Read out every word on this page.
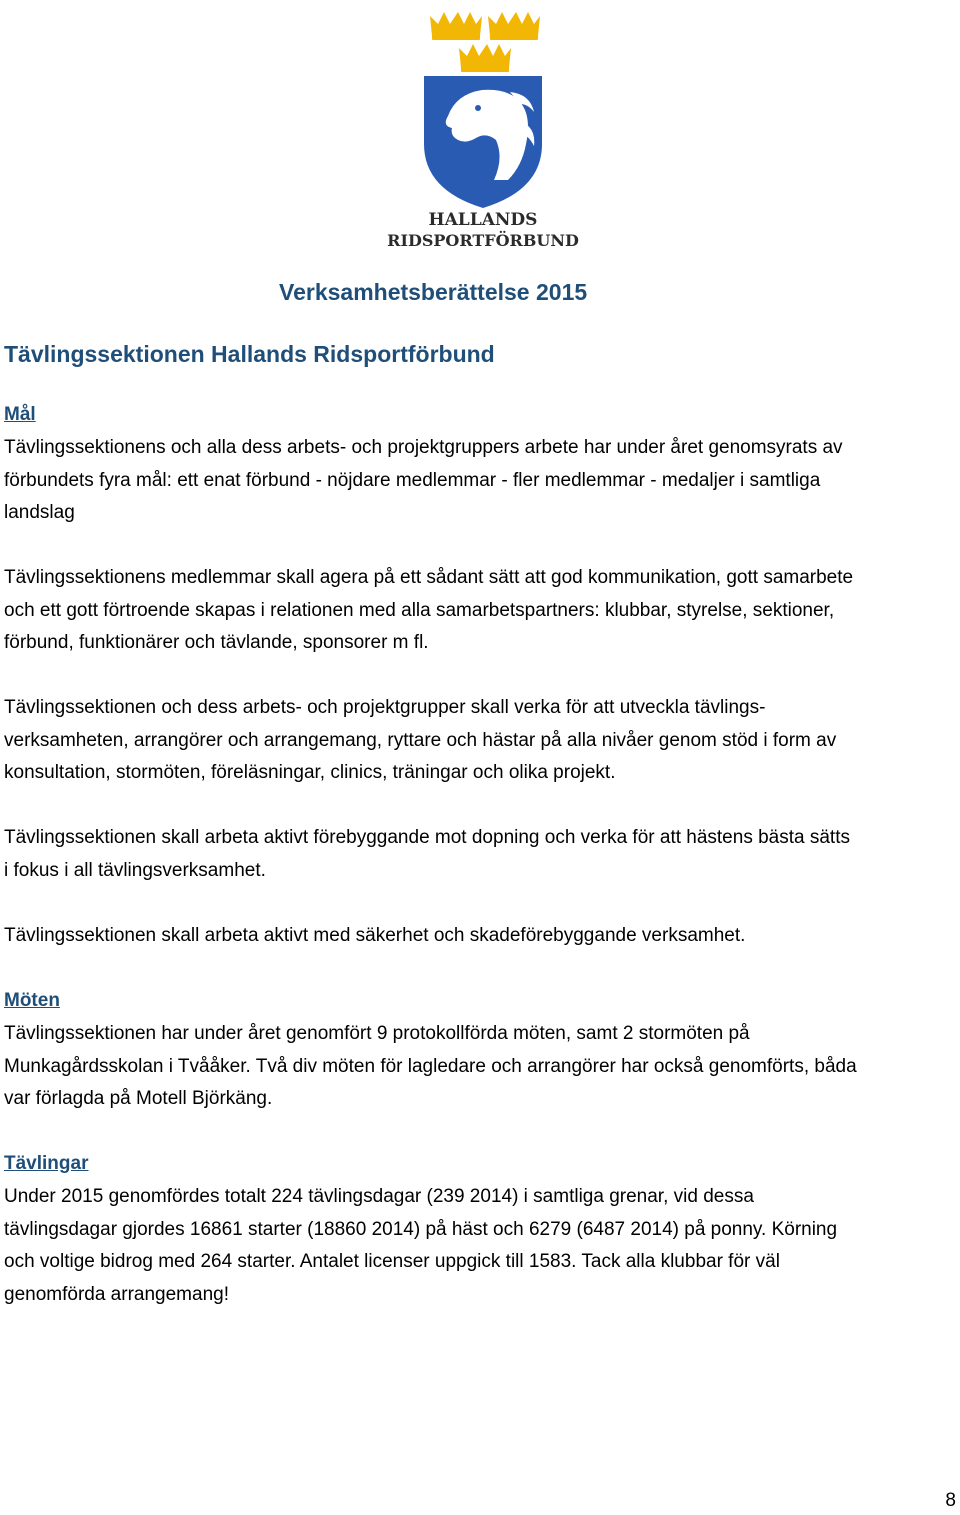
HALLANDS
RIDSPORTFÖRBUND
Verksamhetsberättelse 2015
Tävlingssektionen Hallands Ridsportförbund
Mål
Tävlingssektionens och alla dess arbets- och projektgruppers arbete har under året genomsyrats av
förbundets fyra mål: ett enat förbund - nöjdare medlemmar - fler medlemmar - medaljer i samtliga
landslag
Tävlingssektionens medlemmar skall agera på ett sådant sätt att god kommunikation, gott samarbete
och ett gott förtroende skapas i relationen med alla samarbetspartners: klubbar, styrelse, sektioner,
förbund, funktionärer och tävlande, sponsorer m fl.
Tävlingssektionen och dess arbets- och projektgrupper skall verka för att utveckla tävlings-
verksamheten, arrangörer och arrangemang, ryttare och hästar på alla nivåer genom stöd i form av
konsultation, stormöten, föreläsningar, clinics, träningar och olika projekt.
Tävlingssektionen skall arbeta aktivt förebyggande mot dopning och verka för att hästens bästa sätts
i fokus i all tävlingsverksamhet.
Tävlingssektionen skall arbeta aktivt med säkerhet och skadeförebyggande verksamhet.
Möten
Tävlingssektionen har under året genomfört 9 protokollförda möten, samt 2 stormöten på
Munkagårdsskolan i Tvååker. Två div möten för lagledare och arrangörer har också genomförts, båda
var förlagda på Motell Björkäng.
Tävlingar
Under 2015 genomfördes totalt 224 tävlingsdagar (239 2014) i samtliga grenar, vid dessa
tävlingsdagar gjordes 16861 starter (18860 2014) på häst och 6279 (6487 2014) på ponny. Körning
och voltige bidrog med 264 starter. Antalet licenser uppgick till 1583. Tack alla klubbar för väl
genomförda arrangemang!
8
